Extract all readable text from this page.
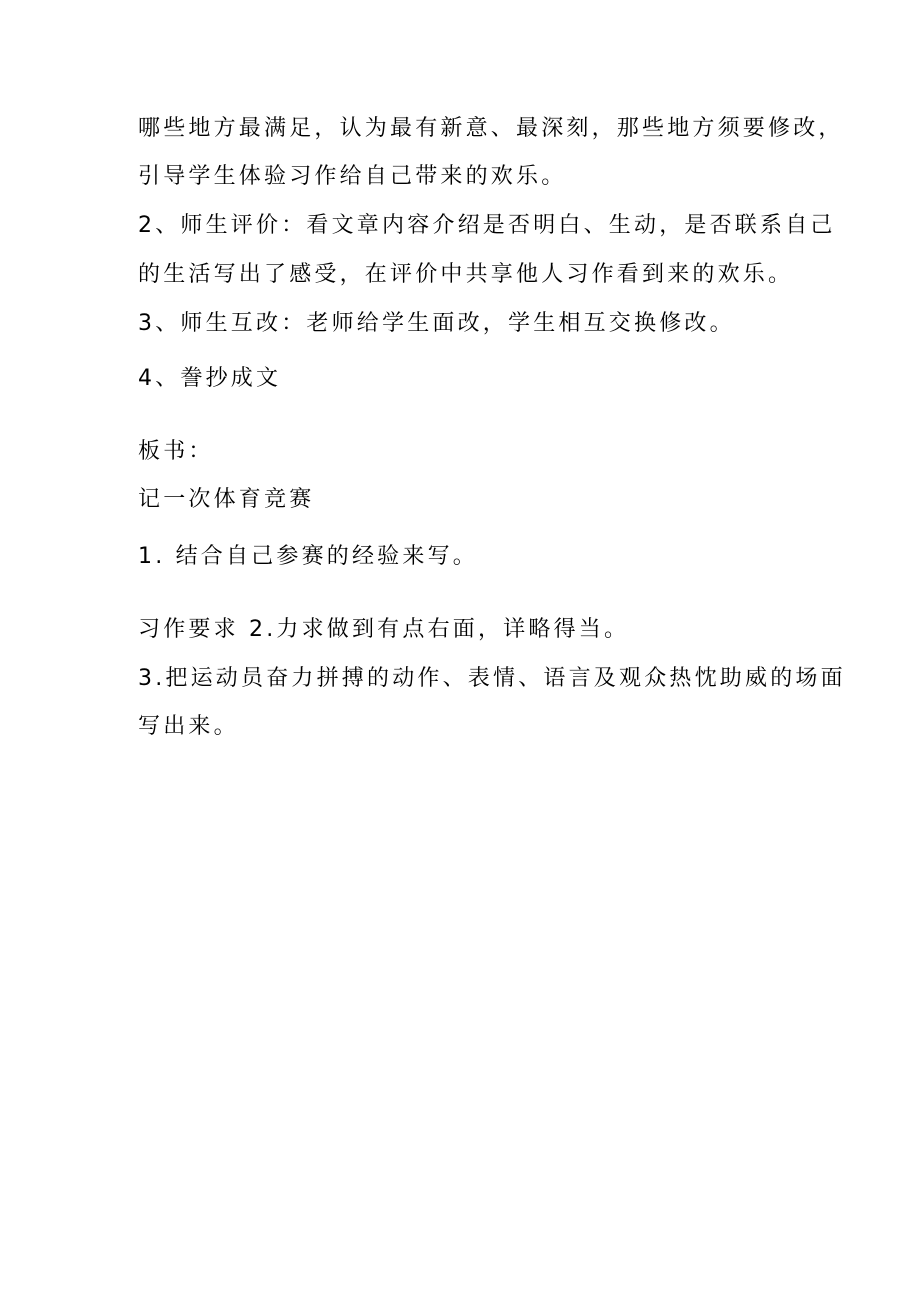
哪些地方最满足，认为最有新意、最深刻，那些地方须要修改，
引导学生体验习作给自己带来的欢乐。
2、师生评价：看文章内容介绍是否明白、生动，是否联系自己
的生活写出了感受，在评价中共享他人习作看到来的欢乐。
3、师生互改：老师给学生面改，学生相互交换修改。
4、誊抄成文
板书：
记一次体育竞赛
1. 结合自己参赛的经验来写。
习作要求 2.力求做到有点右面，详略得当。
3.把运动员奋力拼搏的动作、表情、语言及观众热忱助威的场面
写出来。
